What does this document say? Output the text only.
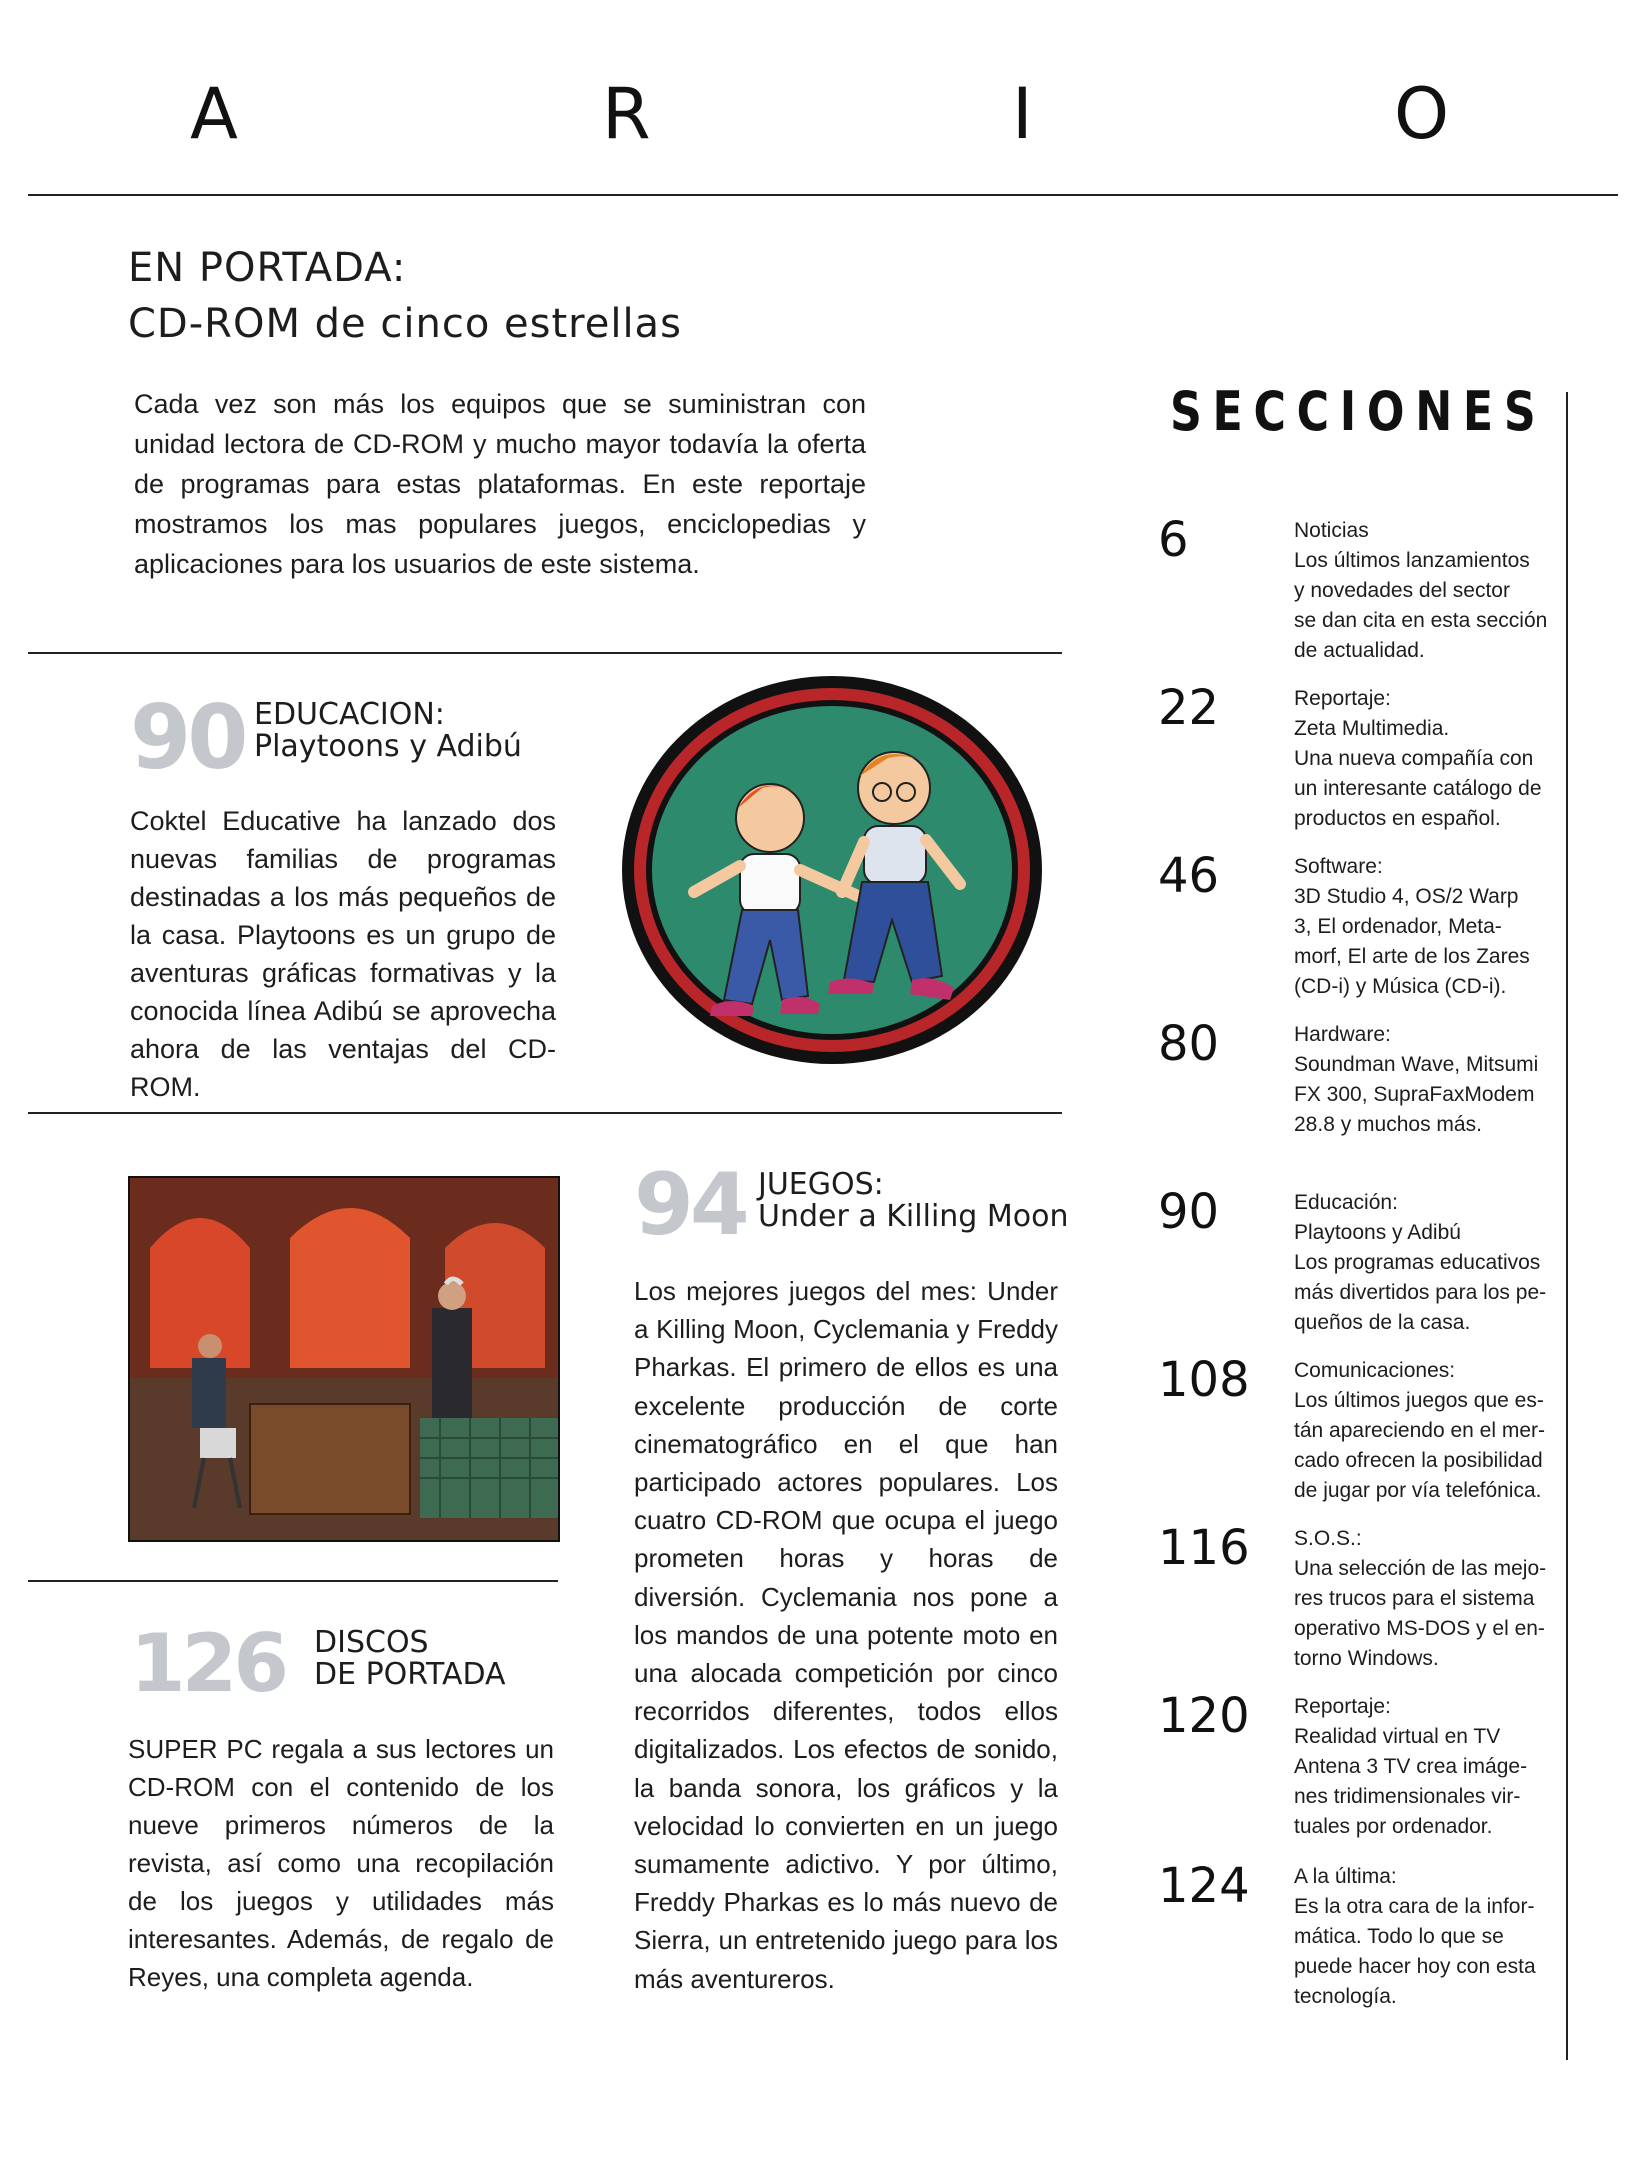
A	R	I	O
EN PORTADA:
CD-ROM de cinco estrellas
Cada vez son más los equipos que se suministran con unidad lectora de CD-ROM y mucho mayor todavía la oferta de programas para estas plataformas. En este reportaje mostramos los mas populares juegos, enciclopedias y aplicaciones para los usuarios de este sistema.
90 EDUCACION:
Playtoons y Adibú
Coktel Educative ha lanzado dos nuevas familias de programas destinadas a los más pequeños de la casa. Playtoons es un grupo de aventuras gráficas formativas y la conocida línea Adibú se aprovecha ahora de las ventajas del CD-ROM.
94 JUEGOS:
Under a Killing Moon
Los mejores juegos del mes: Under a Killing Moon, Cyclemania y Freddy Pharkas. El primero de ellos es una excelente producción de corte cinematográfico en el que han participado actores populares. Los cuatro CD-ROM que ocupa el juego prometen horas y horas de diversión. Cyclemania nos pone a los mandos de una potente moto en una alocada competición por cinco recorridos diferentes, todos ellos digitalizados. Los efectos de sonido, la banda sonora, los gráficos y la velocidad lo convierten en un juego sumamente adictivo. Y por último, Freddy Pharkas es lo más nuevo de Sierra, un entretenido juego para los más aventureros.
126 DISCOS
DE PORTADA
SUPER PC regala a sus lectores un CD-ROM con el contenido de los nueve primeros números de la revista, así como una recopilación de los juegos y utilidades más interesantes. Además, de regalo de Reyes, una completa agenda.
SECCIONES
6	Noticias
Los últimos lanzamientos
y novedades del sector
se dan cita en esta sección
de actualidad.
22	Reportaje:
Zeta Multimedia.
Una nueva compañía con
un interesante catálogo de
productos en español.
46	Software:
3D Studio 4, OS/2 Warp
3, El ordenador, Meta-
morf, El arte de los Zares
(CD-i) y Música (CD-i).
80	Hardware:
Soundman Wave, Mitsumi
FX 300, SupraFaxModem
28.8 y muchos más.
90	Educación:
Playtoons y Adibú
Los programas educativos
más divertidos para los pe-
queños de la casa.
108 Comunicaciones:
Los últimos juegos que es-
tán apareciendo en el mer-
cado ofrecen la posibilidad
de jugar por vía telefónica.
116 S.O.S.:
Una selección de las mejo-
res trucos para el sistema
operativo MS-DOS y el en-
torno Windows.
120 Reportaje:
Realidad virtual en TV
Antena 3 TV crea imáge-
nes tridimensionales vir-
tuales por ordenador.
124 A la última:
Es la otra cara de la infor-
mática. Todo lo que se
puede hacer hoy con esta
tecnología.
